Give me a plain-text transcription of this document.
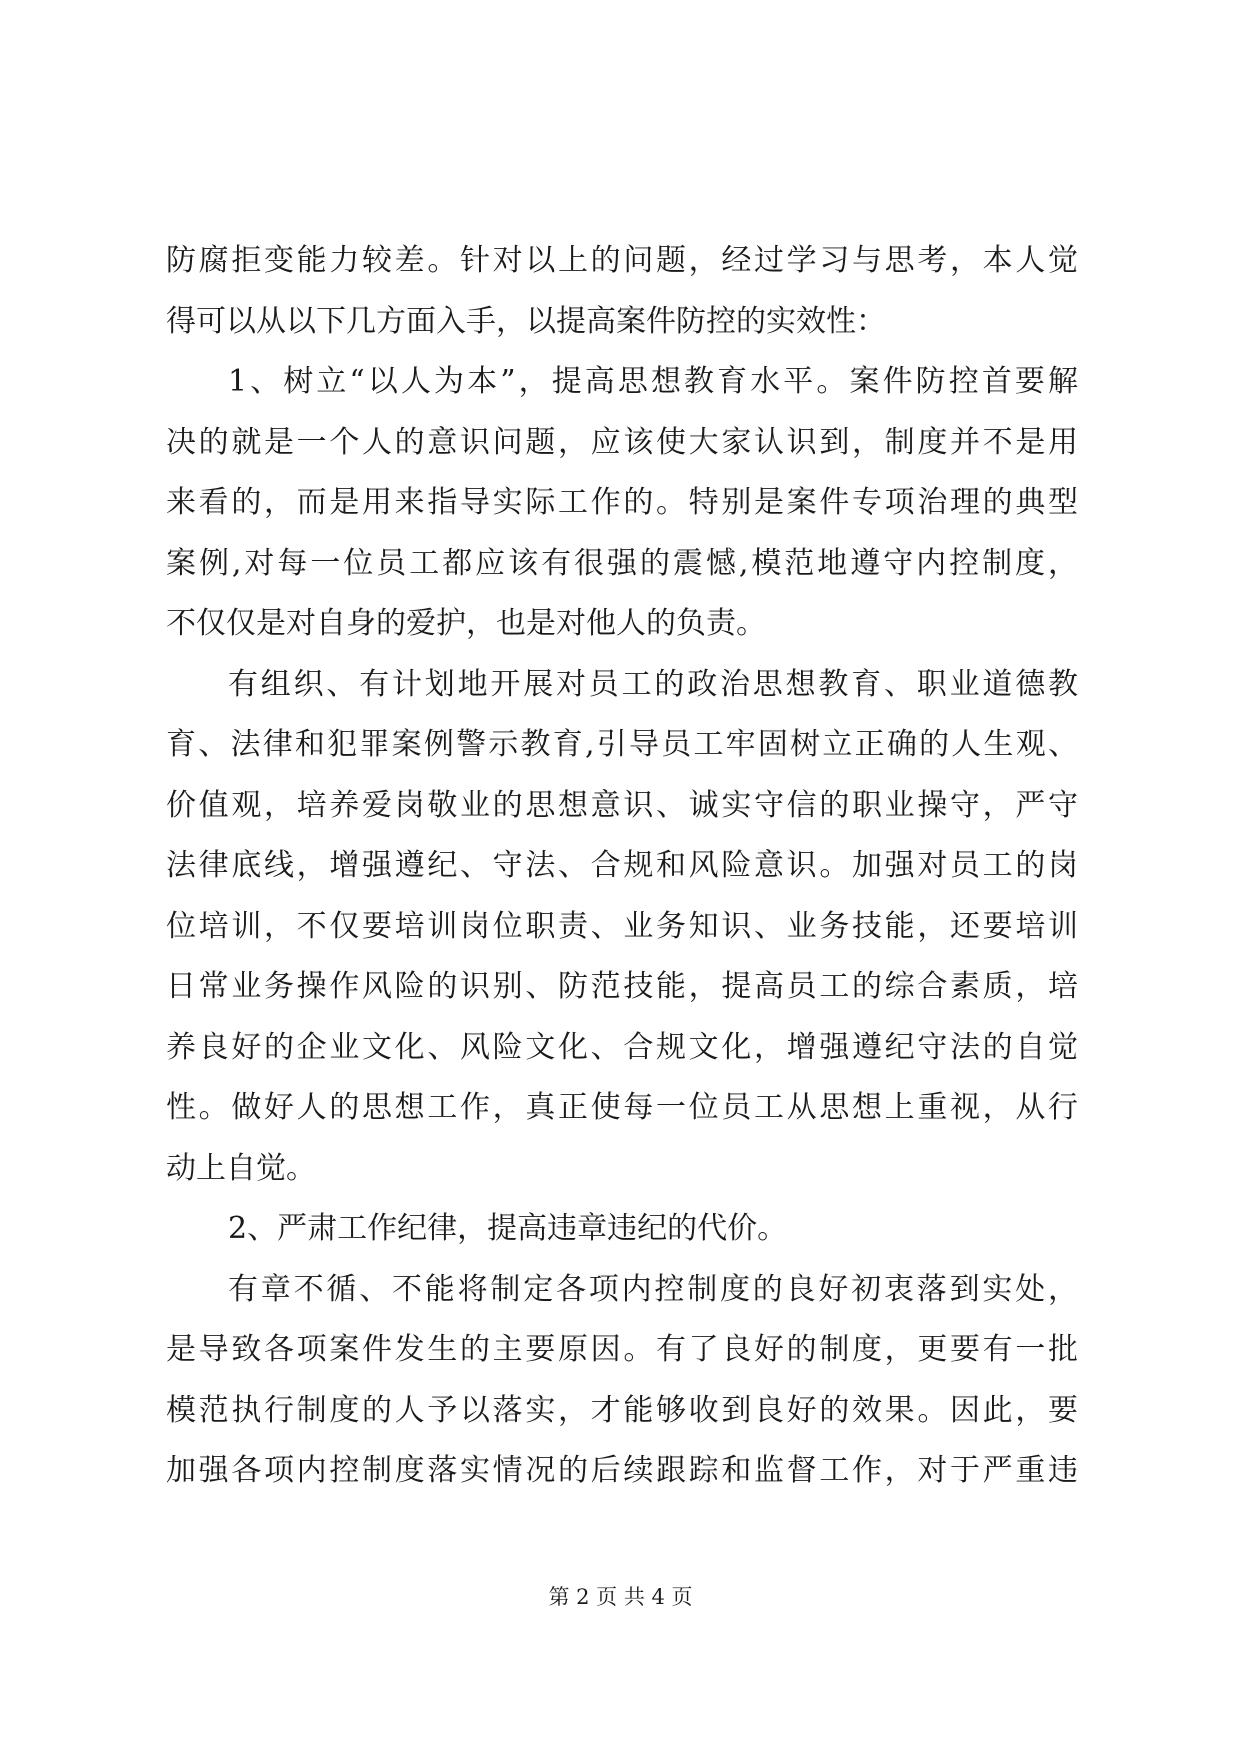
防腐拒变能力较差。针对以上的问题，经过学习与思考，本人觉
得可以从以下几方面入手，以提高案件防控的实效性：
1、树立“以人为本”，提高思想教育水平。案件防控首要解
决的就是一个人的意识问题，应该使大家认识到，制度并不是用
来看的，而是用来指导实际工作的。特别是案件专项治理的典型
案例,对每一位员工都应该有很强的震憾,模范地遵守内控制度，
不仅仅是对自身的爱护，也是对他人的负责。
有组织、有计划地开展对员工的政治思想教育、职业道德教
育、法律和犯罪案例警示教育,引导员工牢固树立正确的人生观、
价值观，培养爱岗敬业的思想意识、诚实守信的职业操守，严守
法律底线，增强遵纪、守法、合规和风险意识。加强对员工的岗
位培训，不仅要培训岗位职责、业务知识、业务技能，还要培训
日常业务操作风险的识别、防范技能，提高员工的综合素质，培
养良好的企业文化、风险文化、合规文化，增强遵纪守法的自觉
性。做好人的思想工作，真正使每一位员工从思想上重视，从行
动上自觉。
2、严肃工作纪律，提高违章违纪的代价。
有章不循、不能将制定各项内控制度的良好初衷落到实处，
是导致各项案件发生的主要原因。有了良好的制度，更要有一批
模范执行制度的人予以落实，才能够收到良好的效果。因此，要
加强各项内控制度落实情况的后续跟踪和监督工作，对于严重违
第 2 页 共 4 页
